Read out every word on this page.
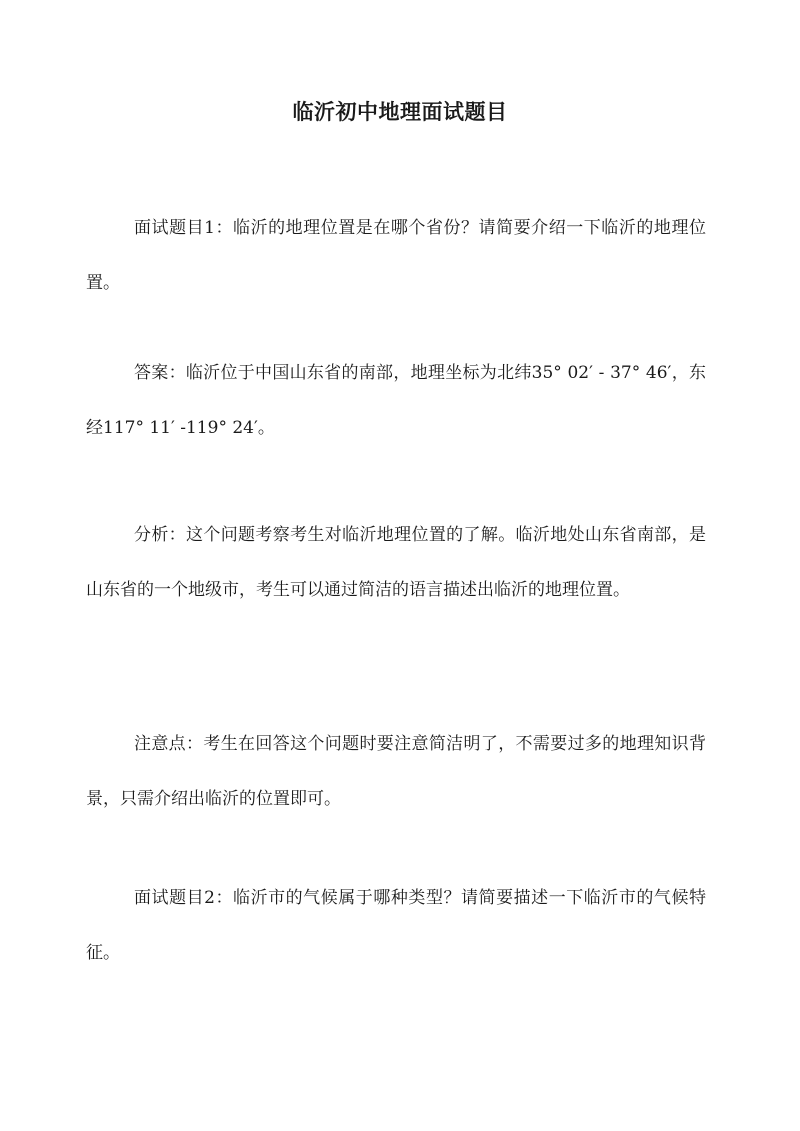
临沂初中地理面试题目

面试题目1：临沂的地理位置是在哪个省份？请简要介绍一下临沂的地理位置。

答案：临沂位于中国山东省的南部，地理坐标为北纬35° 02′ - 37° 46′，东经117° 11′ -119° 24′。

分析：这个问题考察考生对临沂地理位置的了解。临沂地处山东省南部，是山东省的一个地级市，考生可以通过简洁的语言描述出临沂的地理位置。

注意点：考生在回答这个问题时要注意简洁明了，不需要过多的地理知识背景，只需介绍出临沂的位置即可。

面试题目2：临沂市的气候属于哪种类型？请简要描述一下临沂市的气候特征。
